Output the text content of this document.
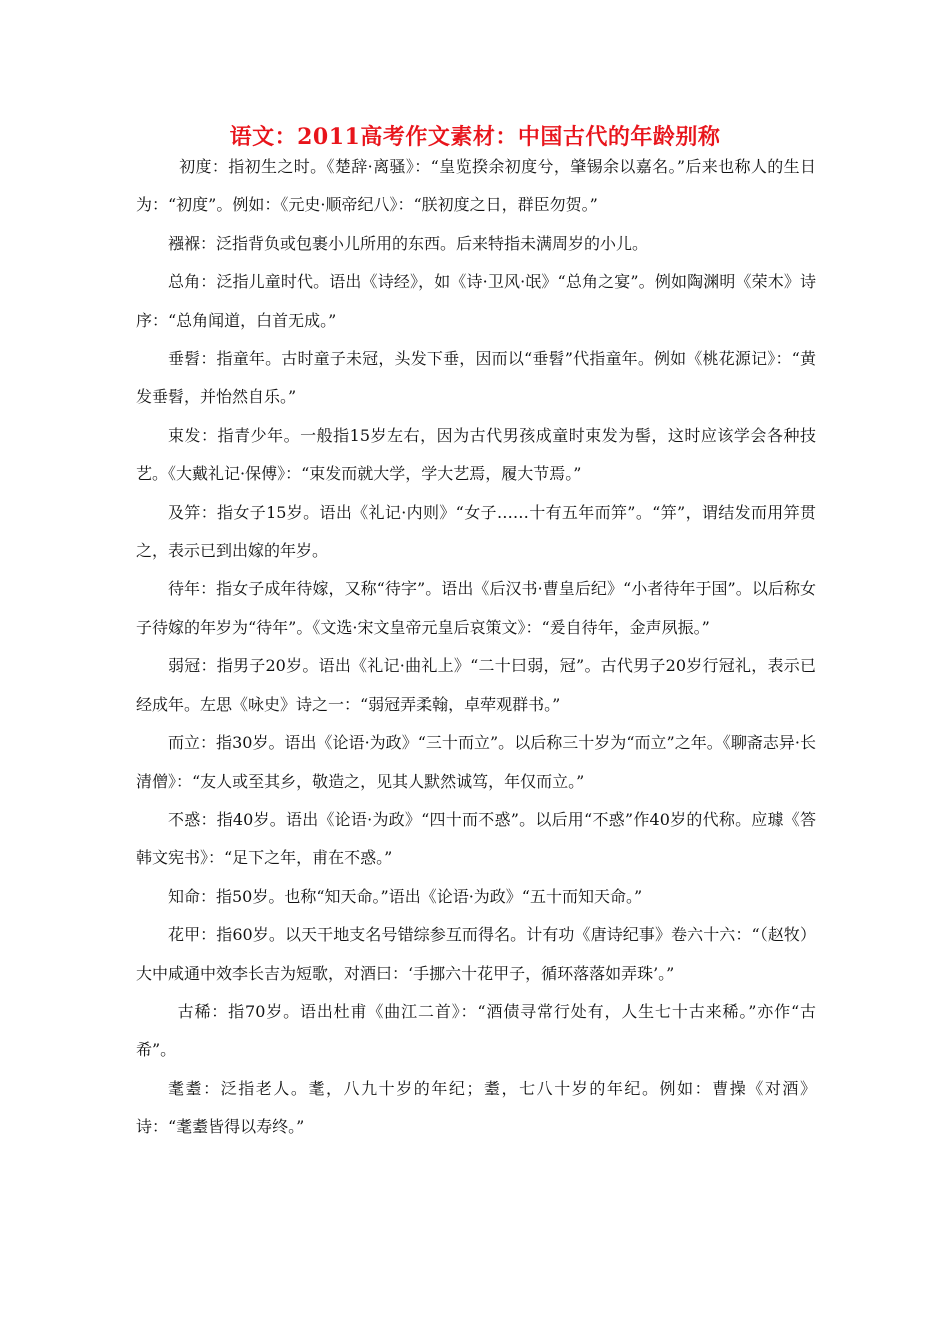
语文：2011高考作文素材：中国古代的年龄别称

初度：指初生之时。《楚辞·离骚》：“皇览揆余初度兮，肇锡余以嘉名。”后来也称人的生日为：“初度”。例如：《元史·顺帝纪八》：“朕初度之日，群臣勿贺。”

襁褓：泛指背负或包裹小儿所用的东西。后来特指未满周岁的小儿。

总角：泛指儿童时代。语出《诗经》，如《诗·卫风·氓》“总角之宴”。例如陶渊明《荣木》诗序：“总角闻道，白首无成。”

垂髫：指童年。古时童子未冠，头发下垂，因而以“垂髫”代指童年。例如《桃花源记》：“黄发垂髫，并怡然自乐。”

束发：指青少年。一般指15岁左右，因为古代男孩成童时束发为髻，这时应该学会各种技艺。《大戴礼记·保傅》：“束发而就大学，学大艺焉，履大节焉。”

及笄：指女子15岁。语出《礼记·内则》“女子……十有五年而笄”。“笄”，谓结发而用笄贯之，表示已到出嫁的年岁。

待年：指女子成年待嫁，又称“待字”。语出《后汉书·曹皇后纪》“小者待年于国”。以后称女子待嫁的年岁为“待年”。《文选·宋文皇帝元皇后哀策文》：“爰自待年，金声夙振。”

弱冠：指男子20岁。语出《礼记·曲礼上》“二十曰弱，冠”。古代男子20岁行冠礼，表示已经成年。左思《咏史》诗之一：“弱冠弄柔翰，卓荦观群书。”

而立：指30岁。语出《论语·为政》“三十而立”。以后称三十岁为“而立”之年。《聊斋志异·长清僧》：“友人或至其乡，敬造之，见其人默然诚笃，年仅而立。”

不惑：指40岁。语出《论语·为政》“四十而不惑”。以后用“不惑”作40岁的代称。应璩《答韩文宪书》：“足下之年，甫在不惑。”

知命：指50岁。也称“知天命。”语出《论语·为政》“五十而知天命。”

花甲：指60岁。以天干地支名号错综参互而得名。计有功《唐诗纪事》卷六十六：“（赵牧）大中咸通中效李长吉为短歌，对酒曰：‘手挪六十花甲子，循环落落如弄珠’。”

古稀：指70岁。语出杜甫《曲江二首》：“酒债寻常行处有，人生七十古来稀。”亦作“古希”。

耄耋：泛指老人。耄，八九十岁的年纪；耋，七八十岁的年纪。例如：曹操《对酒》诗：“耄耋皆得以寿终。”
